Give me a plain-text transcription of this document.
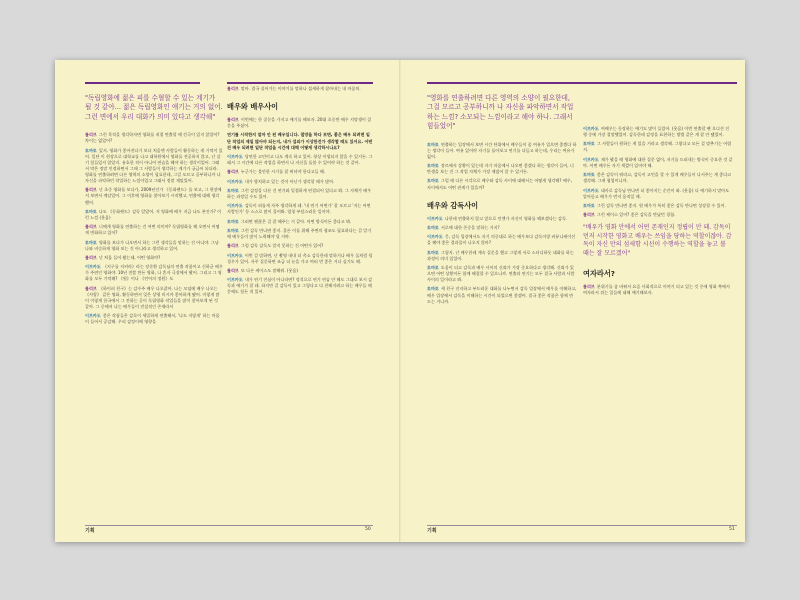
"독립영화에 젊은 피를 수혈할 수 있는 계기가 될 것 같아... 젊은 독립영화인 얘기는 거의 없어. 그런 면에서 우리 대화가 의미 있다고 생각해"

를리브 그런 목적을 생각하자면 영화를 직접 연출할 때 간극이 있지 않았어? 차이는 없었어?

토마토 있지. 영화가 좋아진다기 보다 처음엔 사람들이 활동하는 게 기억이 있어. 일단 이 현장으로 대학교를 나고 대학원에서 영화를 전공하지 않고, 난 살기 힘들었지 않았지. 유호한 적이 아니어 연습을 해야 하는 생각이었어. 그래서 막은 정말 인정하면서 그때 그 사람들이 생각하는 게기가 궁금어 되더라. 영화를 연출하려면 다른 영역의 소양이 필요한데, 그걸 모르고 공부하니까 나 자신을 파악하던 작업하는 느낌이었고 그래서 정말 재밌었어.

를리브 난 초중 영화를 보다가, 2009년인가 《동화랜드》를 보고, 그 현장에서 보면서 깨달았어. 그 이후에 영화를 찾아보기 시작했고, 연출에 대해 생각했어.

토마토 나도 《동화랜드》감독 알았어. 저 영화에 배우 지금 나도 본건가? 이런 느낌 (웃음)

를리브 너에게 영화를 연출하는 건 어떤 의미야? 독립영화를 해 오면서 어떻게 변화하고 있어?

토마토 영화를 보다가 나오면서 하는 그런 생각들을 말하는 건 아니야. 그냥 나와 비슷하게 영화 보는 건 아니라고 생각하고 있어.

를리브 난 처음 들어 봤는데, 어떤 영화야?

이브카도 《지구를 지켜라》라는 장준환 감독님의 연출 작품이고 신하균 배우가 주연인 영화야. 10년 전쯤 만든 영화, 나 혼자 극장에서 봤어. 그리고 그 영화를 모두 기억해? 《원》이나 《언어의 정원》도

를리브 《하이퍼 친구》는 감수주 배우 나오잖아. 나는 모임에 배우 나오는 《사랑》 같은 영화, 활동하면서 잊은 상영 미시까 좋아하게 됐어. 이렇게 많이 이렇게 한국에서 그 전하는 곳이 독립영화 작업들을 많이 찾아보게 된 것 같아. 그 중에서 나는 배우들이 전설적인 존재라서

이브카도 좋은 작품들은 감독이 세밀하게 연출해서, '나도 저렇게' 하는 마음이 들어서 공감해. 우리 감정이에 영향을

를리브 맞아. 결국 실어가는 이야기를 말하나 섬세하게 잡아내는 내 마음처.

배우와 배우사이

를리브 이번에는 한 질문을 가지고 얘기를 해보자. 20대 초중반 배우 지망생이 질문을 주셨어.

연기를 시작한지 얼마 안 된 배우입니다. 절망을 하다 보면, 좋은 배우 되려면 일단 작업의 제일 많아야 되는지, 내가 섭외가 이상한건가 생각할 때도 있어요. 어떤 건 배우 되려면 일단 작업을 시간에 대해 어떻게 생각하시나요?

이브카도 당연한 고민이고 나도 계속 하고 있어. 항상 이생되지 않을 수 있거든. 그래서 그 시간에 다른 작업을 하면서 나 자신을 돌볼 수 있어야 하는 것 같아.

를리브 누군가는 불안한 시기를 잘 버텨야 한다고들 해.

이브카도 내가 방치하고 있는 것이 아닌가 생각할 때가 많아.

토마토 그런 감정을 다룬 건 연기와 밀접하게 연결되어 있다고 봐. 그 자체가 배우 하는 과정일 수도 있어.

이브카도 감독이 외롭게 자주 생각하게 돼. '내 연기 어떤가' 잘 모르고 '지는 어떤 사람인가' 등 스스로 많이 물어봐. 엄청 부담스러운 일이야.

토마토 그러면 괜찮은 걸 잘 해주는 거 같아. 어떤 방식이든 좋다고 봐.

토마토 그런 감독 만나면 좋지. 물론 이를 위해 주변의 협조도 필요하다는 걸 알기에 배우들이 많이 노력해야 될 거야.

를리브 그럼 감독 감독도 알지 못하는 건 어떤가 있어?

이브카도 이번 걸 말하면, 난 촬영 내내 더 촉소 감독한테 말하거나 배우 둘처럼 될 경우가 있어. 자꾸 질문하면 조금 더 눈을 가고 여러 번 좋은 거다 싶기도 해.

를리브 또 다른 케이스도 말해줘. (웃음)

이브카도 내가 연기 진심이 아니라면? 정석으로 연기 연습 안 해도 그대로 보시 감독과 얘기가 잘 돼. 하지만 걸 감독이 있고 그렇다고 다 친해지려고 하는 배우들 때문에도 힘든 적 있어.

기획	50
"영화를 연출하려면 다른 영역의 소양이 필요한데, 그걸 모르고 공부하니까 나 자신을 파악하면서 작업하는 느낌? 소모되는 느낌이라고 해야 하나. 그래서 힘들었어"

토마토 연출하는 입장에서 보면 시간 단위에서 배우들이 좀 여유가 있으면 좋겠다 하는 생각이 들어. 여유 있어야 자기를 돌아보고 연기를 다듬고 하는데, 우리는 여유가 없어.

토마토 장르에서 상황이 있는데 자기 마음에서 나오면 좋겠다 하는 생각이 들어, 너 탄생을 보는 건 그 작업 자체가 가장 재밌어 알 수 있거든.

토마토 그럴 때 다른 시각으로 배우와 감독 사이에 대해서는 어떻게 생각해? 배우, 사이에서도 어떤 관계가 있을까?

배우와 감독사이

이브카도 나한테 연출하지 않고 앞으로 언젠가 자신이 영화를 해보겠다는 감독.

토마토 서로에 대한 존중을 말하는 거지?

이브카도 응, 감독 입장에서도 자기 의중대로 하는 배우보다 감독이랑 커뮤니케이션을 해야 좋은 결과물이 나오지 않아?

토마토 그렇지. 난 배우한테 계속 질문을 했고 그렇게 서로 스터디하듯 대화를 하는 과정이 의미 있었어.

토마토 도움이 되고 감독과 배우 사이의 신뢰가 가장 중요하다고 생각해. 신뢰가 있으면 어떤 상황이든 함께 해결할 수 있으니까. 연출과 연기는 모두 결국 사람과 사람 사이의 일이라고 봐.

토마토 세 친구 진지하고 부드러운 대화를 나누면서 감독 입장에서 배우를 이해하고, 배우 입장에서 감독을 이해하는 시간이 되었으면 좋겠어. 결국 좋은 작품은 함께 만드는 거니까.

이브카도 여배우는 등장하는 얘기도 많이 들었어. (웃음) 이번 연출할 땐 오디션 진행 중에 가장 절망했었어. 감독한테 감정을 표현하는 방법 같은 게 잘 안 됐었어.

토마토 그 사람들이 원하는 게 있을 거라고 생각해. 그렇다고 모든 걸 맞추기는 어렵지.

이브카도 제가 봤을 때 영화에 대한 질문 없이, 자기를 드러내는 방식이 중요한 것 같아. 어떤 배우든 자기 색깔이 있어야 해.

토마토 좋은 감독이 뭐라고, 감독이 고민을 할 수 있게 배우들이 나서주는 게 좋다고 생각해. 그게 협업이니까.

이브카도 대사로 감독님 만나면 더 좋아지는 순간이 와. (웃음) 다 얘기하지 말아도 알아듣고 배우가 먼저 움직일 때.

토마토 그런 감독 만나면 좋지. 원 배우가 특히 좋은 감독 만나면 성장할 수 있어.

를리브 그런 케이스 있어? 좋은 감독을 만났던 경험.

"배우가 영화 안에서 어떤 존재인지 정립이 안 돼. 감독이 먼저 시작한 영화고 배우는 쓰임을 당하는 역할이잖아. 감독이 자신 만의 섬세함 시선이 수행하는 역할을 놓고 볼 때는 잘 모르겠어"
여자라서?

를리브 분위기를 좀 바꿔서 요즘 사회적으로 이야기 되고 있는 것 중에 영화 쪽에서 여자라서 겪는 일들에 대해 얘기해보자.

기획	51
